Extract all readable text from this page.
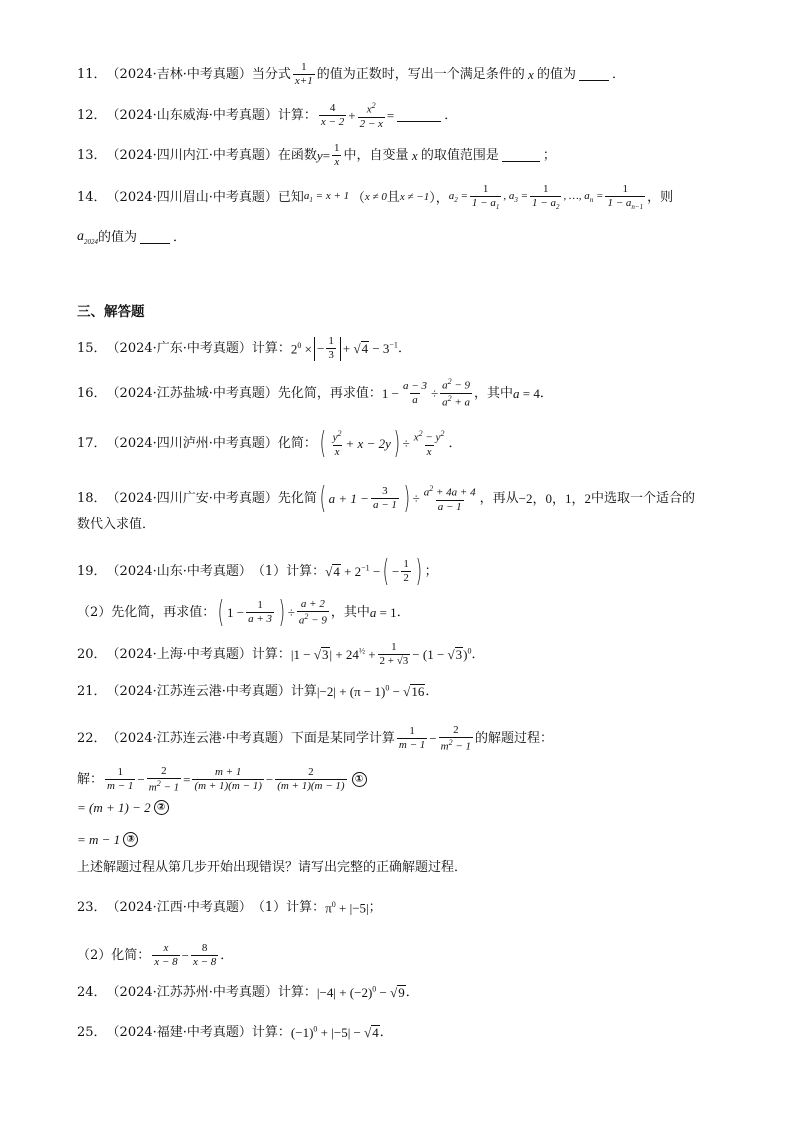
11． （2024·吉林·中考真题） 当分式 $\frac{1}{x+1}$ 的值为正数时，写出一个满足条件的 x 的值为	．
12． （2024·山东威海·中考真题） 计算： $\frac{4}{x - 2} + \frac{x^2}{2 - x}$ =	．
13． （2024·四川内江·中考真题） 在函数 $y = \frac{1}{x}$ 中，自变量 x 的取值范围是	；
14． （2024·四川眉山·中考真题） 已知 $a_1 = x + 1$ （ x ≠ 0 且 x ≠ −1 ）， $a_2 = \frac{1}{1 - a_1}$ , $a_3 = \frac{1}{1 - a_2}$ , …, $a_n = \frac{1}{1 - a_{n-1}}$ ，则
$a_{2024}$ 的值为	．
三、解答题
15． （2024·广东·中考真题） 计算： $2^0$ × − $\frac{1}{3} + √4 - 3^{-1}$ ．
16． （2024·江苏盐城·中考真题） 先化简，再求值： $1 - \frac{a - 3}{a} \div \frac{a^2 - 9}{a^2 + a}$ ，其中 a = 4 ．
17． （2024·四川泸州·中考真题） 化简： ( $\frac{y^2}{x} + x - 2y$ ) ÷ $\frac{x^2 - y^2}{x}$ ．
18． （2024·四川广安·中考真题） 先化简 ( $a + 1 - \frac{3}{a - 1}$ ) ÷ $\frac{a^2 + 4a + 4}{a - 1}$ ，再从 −2，0，1，2 中选取一个适合的
数代入求值．
19． （2024·山东·中考真题） （1）计算： $√4 + 2^{-1}$ − ( − $\frac{1}{2}$ ) ；
（2）先化简，再求值： ( $1 - \frac{1}{a + 3}$ ) ÷ $\frac{a + 2}{a^2 - 9}$ ，其中 a = 1 ．
20． （2024·上海·中考真题） 计算： $|1 - √3| + 24^{\frac{1}{2}} + \frac{1}{2 + √3} - (1 - √3)^0$ ．
21． （2024·江苏连云港·中考真题） 计算 $|-2| + (\pi - 1)^0 - √16$ ．
22． （2024·江苏连云港·中考真题） 下面是某同学计算 $\frac{1}{m - 1} - \frac{2}{m^2 - 1}$ 的解题过程：
解： $\frac{1}{m - 1} - \frac{2}{m^2 - 1} = \frac{m + 1}{(m + 1)(m - 1)} - \frac{2}{(m + 1)(m - 1)}$ ①
= (m + 1) − 2 ②
= m − 1 ③
上述解题过程从第几步开始出现错误？请写出完整的正确解题过程．
23． （2024·江西·中考真题） （1）计算： $\pi^0 + |-5|$ ；
（2）化简： $\frac{x}{x - 8} - \frac{8}{x - 8}$ ．
24． （2024·江苏苏州·中考真题） 计算： $|-4| + (-2)^0 - √9$ ．
25． （2024·福建·中考真题） 计算： $(-1)^0 + |-5| - √4$ ．
